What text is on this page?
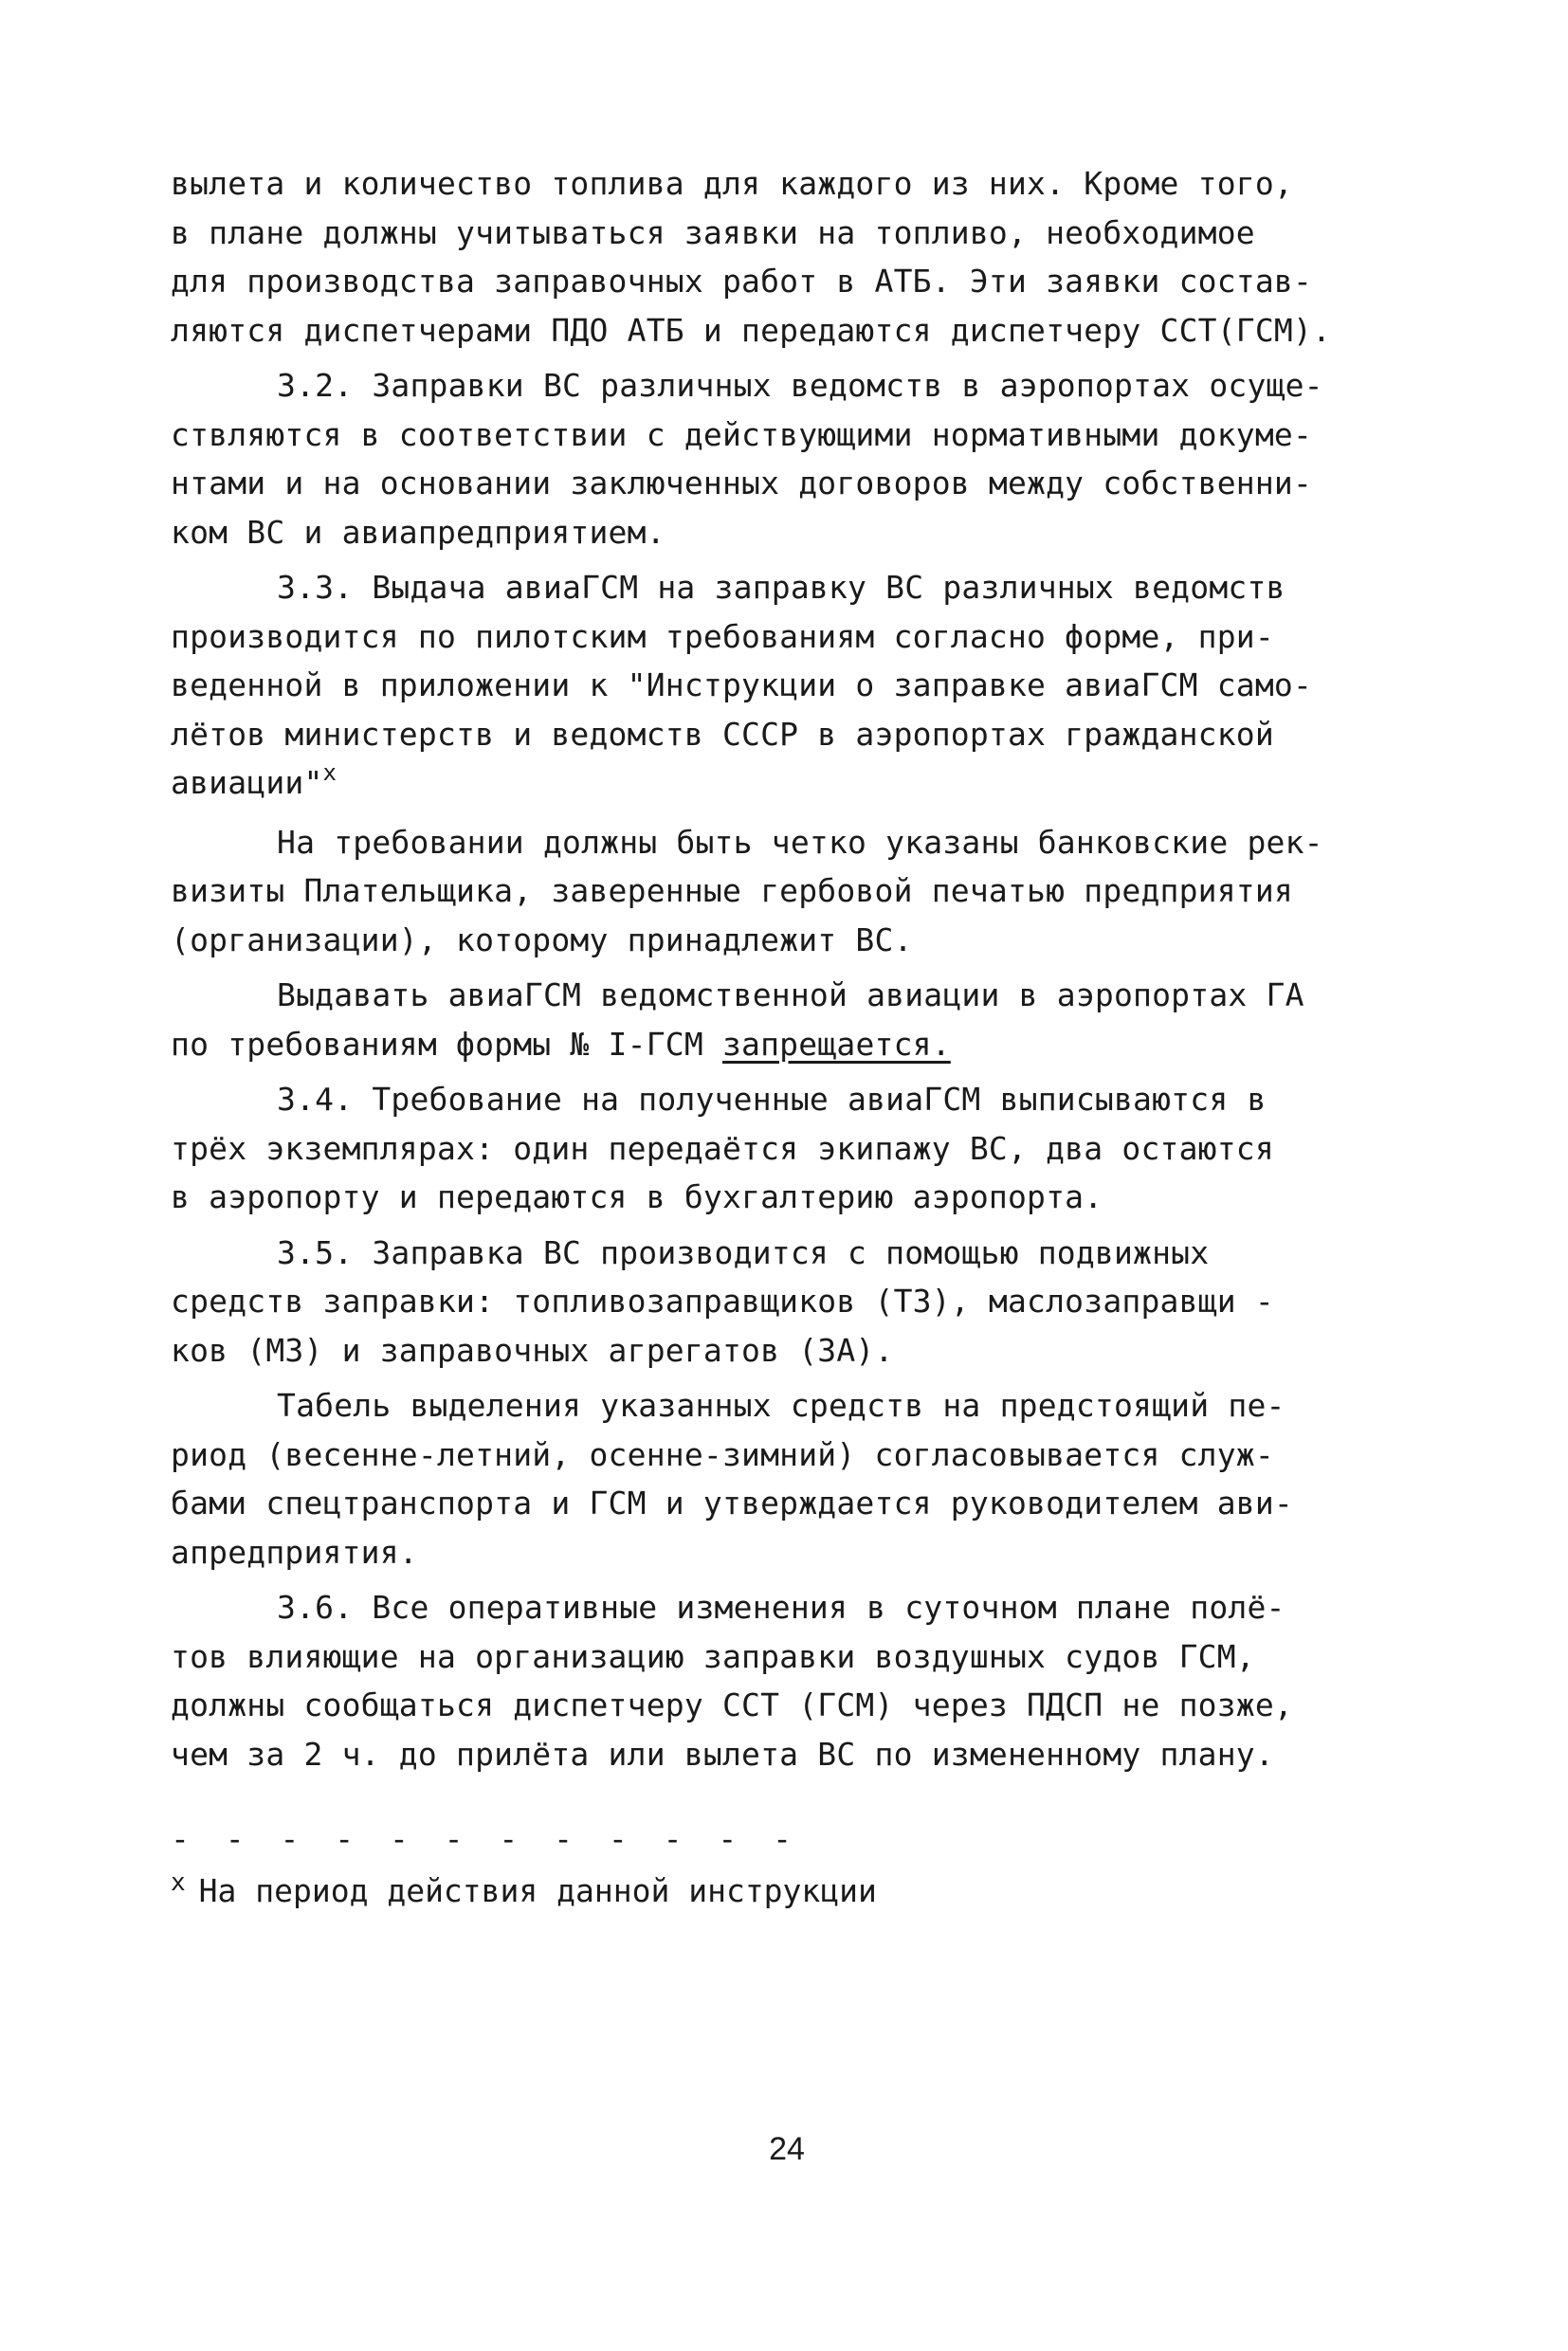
вылета и количество топлива для каждого из них. Кроме того,
в плане должны учитываться заявки на топливо, необходимое
для производства заправочных работ в АТБ. Эти заявки состав-
ляются диспетчерами ПДО АТБ и передаются диспетчеру ССТ(ГСМ).

3.2. Заправки ВС различных ведомств в аэропортах осуще-
ствляются в соответствии с действующими нормативными докуме-
нтами и на основании заключенных договоров между собственни-
ком ВС и авиапредприятием.

3.3. Выдача авиаГСМ на заправку ВС различных ведомств
производится по пилотским требованиям согласно форме, при-
веденной в приложении к "Инструкции о заправке авиаГСМ само-
лётов министерств и ведомств СССР в аэропортах гражданской
авиации"$^x$

На требовании должны быть четко указаны банковские рек-
визиты Плательщика, заверенные гербовой печатью предприятия
(организации), которому принадлежит ВС.

Выдавать авиаГСМ ведомственной авиации в аэропортах ГА
по требованиям формы № I-ГСМ запрещается.

3.4. Требование на полученные авиаГСМ выписываются в
трёх экземплярах: один передаётся экипажу ВС, два остаются
в аэропорту и передаются в бухгалтерию аэропорта.

3.5. Заправка ВС производится с помощью подвижных
средств заправки: топливозаправщиков (ТЗ), маслозаправщи -
ков (МЗ) и заправочных агрегатов (ЗА).

Табель выделения указанных средств на предстоящий пе-
риод (весенне-летний, осенне-зимний) согласовывается служ-
бами спецтранспорта и ГСМ и утверждается руководителем ави-
апредприятия.

3.6. Все оперативные изменения в суточном плане полё-
тов влияющие на организацию заправки воздушных судов ГСМ,
должны сообщаться диспетчеру ССТ (ГСМ) через ПДСП не позже,
чем за 2 ч. до прилёта или вылета ВС по измененному плану.

- - - - - - - - - - - -
$^x$ На период действия данной инструкции
24
